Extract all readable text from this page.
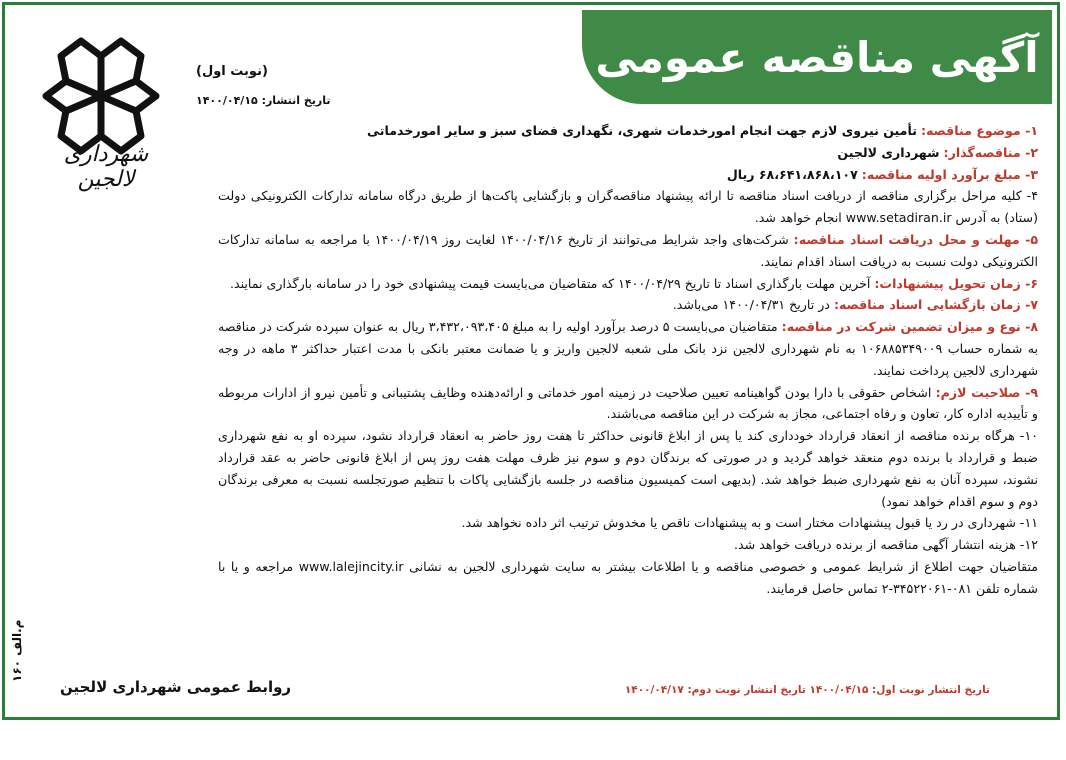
آگهی مناقصه عمومی
شهرداری لالجین
(نوبت اول)
تاریخ انتشار: ۱۴۰۰/۰۴/۱۵

۱- موضوع مناقصه: تأمین نیروی لازم جهت انجام امورخدمات شهری، نگهداری فضای سبز و سایر امورخدماتی

۲- مناقصه‌گذار: شهرداری لالجین

۳- مبلغ برآورد اولیه مناقصه: ۶۸،۶۴۱،۸۶۸،۱۰۷ ریال

۴- کلیه مراحل برگزاری مناقصه از دریافت اسناد مناقصه تا ارائه پیشنهاد مناقصه‌گران و بازگشایی پاکت‌ها از طریق درگاه سامانه تدارکات الکترونیکی دولت (ستاد) به آدرس www.setadiran.ir انجام خواهد شد.

۵- مهلت و محل دریافت اسناد مناقصه: شرکت‌های واجد شرایط می‌توانند از تاریخ ۱۴۰۰/۰۴/۱۶ لغایت روز ۱۴۰۰/۰۴/۱۹ با مراجعه به سامانه تدارکات الکترونیکی دولت نسبت به دریافت اسناد اقدام نمایند.

۶- زمان تحویل پیشنهادات: آخرین مهلت بارگذاری اسناد تا تاریخ ۱۴۰۰/۰۴/۲۹ که متقاضیان می‌بایست قیمت پیشنهادی خود را در سامانه بارگذاری نمایند.

۷- زمان بازگشایی اسناد مناقصه: در تاریخ ۱۴۰۰/۰۴/۳۱ می‌باشد.

۸- نوع و میزان تضمین شرکت در مناقصه: متقاضیان می‌بایست ۵ درصد برآورد اولیه را به مبلغ ۳،۴۳۲،۰۹۳،۴۰۵ ریال به عنوان سپرده شرکت در مناقصه به شماره حساب ۱۰۶۸۸۵۳۴۹۰۰۹ به نام شهرداری لالجین نزد بانک ملی شعبه لالجین واریز و یا ضمانت معتبر بانکی با مدت اعتبار حداکثر ۳ ماهه در وجه شهرداری لالجین پرداخت نمایند.

۹- صلاحیت لازم: اشخاص حقوقی با دارا بودن گواهینامه تعیین صلاحیت در زمینه امور خدماتی و ارائه‌دهنده وظایف پشتیبانی و تأمین نیرو از ادارات مربوطه و تأییدیه اداره کار، تعاون و رفاه اجتماعی، مجاز به شرکت در این مناقصه می‌باشند.

۱۰- هرگاه برنده مناقصه از انعقاد قرارداد خودداری کند یا پس از ابلاغ قانونی حداکثر تا هفت روز حاضر به انعقاد قرارداد نشود، سپرده او به نفع شهرداری ضبط و قرارداد با برنده دوم منعقد خواهد گردید و در صورتی که برندگان دوم و سوم نیز ظرف مهلت هفت روز پس از ابلاغ قانونی حاضر به عقد قرارداد نشوند، سپرده آنان به نفع شهرداری ضبط خواهد شد. (بدیهی است کمیسیون مناقصه در جلسه بازگشایی پاکات با تنظیم صورتجلسه نسبت به معرفی برندگان دوم و سوم اقدام خواهد نمود)

۱۱- شهرداری در رد یا قبول پیشنهادات مختار است و به پیشنهادات ناقص یا مخدوش ترتیب اثر داده نخواهد شد.

۱۲- هزینه انتشار آگهی مناقصه از برنده دریافت خواهد شد.

متقاضیان جهت اطلاع از شرایط عمومی و خصوصی مناقصه و یا اطلاعات بیشتر به سایت شهرداری لالجین به نشانی www.lalejincity.ir مراجعه و یا با شماره تلفن ۰۸۱-۳۴۵۲۲۰۶۱-۲ تماس حاصل فرمایند.

تاریخ انتشار نوبت اول: ۱۴۰۰/۰۴/۱۵ تاریخ انتشار نوبت دوم: ۱۴۰۰/۰۴/۱۷
روابط عمومی شهرداری لالجین
م.الف ۱۶۰
